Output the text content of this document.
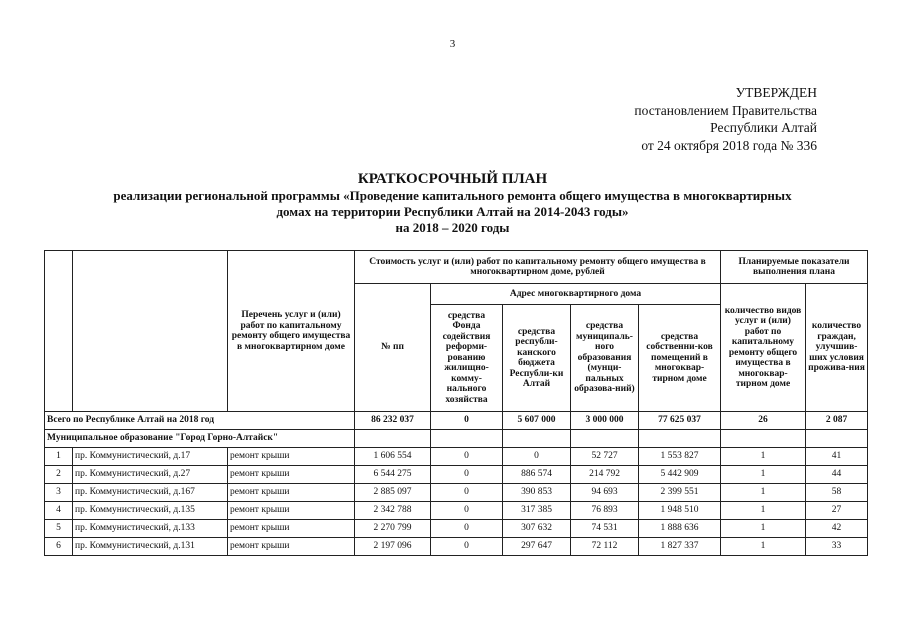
3
УТВЕРЖДЕН
постановлением Правительства
Республики Алтай
от 24 октября 2018 года № 336
КРАТКОСРОЧНЫЙ ПЛАН
реализации региональной программы «Проведение капитального ремонта общего имущества в многоквартирных
домах на территории Республики Алтай на 2014-2043 годы»
на 2018 – 2020 годы
		Перечень услуг и (или) работ по капитальному ремонту общего имущества в многоквартирном доме	Стоимость услуг и (или) работ по капитальному ремонту общего имущества в многоквартирном доме, рублей					Планируемые показатели выполнения плана	
			№ пп	Адрес многоквартирного дома				количество видов услуг и (или) работ по капитальному ремонту общего имущества в многоквар-тирном доме	количество граждан, улучшив-ших условия прожива-ния
				средства Фонда содействия реформи-рованию жилищно-комму-нального хозяйства	средства республи-канского бюджета Республи-ки Алтай	средства муниципаль-ного образования (мунци-пальных образова-ний)	средства собственни-ков помещений в многоквар-тирном доме		
Всего по Республике Алтай на 2018 год			86 232 037	0	5 607 000	3 000 000	77 625 037	26	2 087
Муниципальное образование "Город Горно-Алтайск"									
1	пр. Коммунистический, д.17	ремонт крыши	1 606 554	0	0	52 727	1 553 827	1	41
2	пр. Коммунистический, д.27	ремонт крыши	6 544 275	0	886 574	214 792	5 442 909	1	44
3	пр. Коммунистический, д.167	ремонт крыши	2 885 097	0	390 853	94 693	2 399 551	1	58
4	пр. Коммунистический, д.135	ремонт крыши	2 342 788	0	317 385	76 893	1 948 510	1	27
5	пр. Коммунистический, д.133	ремонт крыши	2 270 799	0	307 632	74 531	1 888 636	1	42
6	пр. Коммунистический, д.131	ремонт крыши	2 197 096	0	297 647	72 112	1 827 337	1	33
